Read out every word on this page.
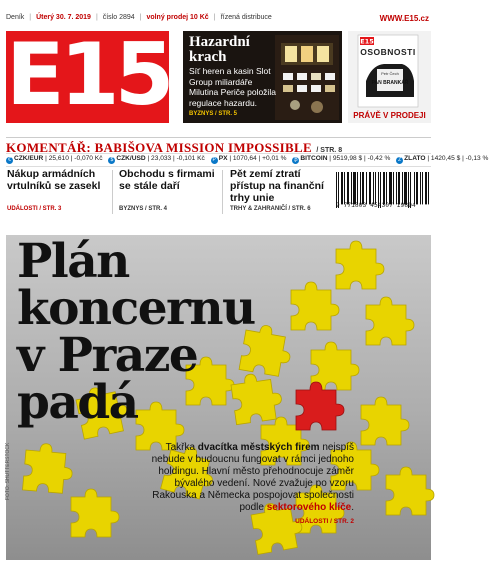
Deník | Úterý 30. 7. 2019 | číslo 2894 | volný prodej 10 Kč | řízená distribuce	WWW.E15.cz
E15 Hazardní krach
Síť heren a kasin Slot Group miliardáře Milutina Periče položila regulace hazardu.
BYZNYS / STR. 5
E15
OSOBNOSTI
Petr Čech
PAN BRANKÁŘ
PRÁVĚ V PRODEJI
KOMENTÁŘ: BABIŠOVA MISSION IMPOSSIBLE / STR. 8
€ CZK/EUR | 25,610 | -0,070 Kč $ CZK/USD | 23,033 | -0,101 Kč P PX | 1070,64 | +0,01 % ₿ BITCOIN | 9519,98 $ | -0,42 % Z ZLATO | 1420,45 $ | -0,13 %
Nákup armádních vrtulníků se zasekl
UDÁLOSTI / STR. 3
Obchodu s firmami se stále daří
BYZNYS / STR. 4
Pět zemí ztratí přístup na finanční trhy unie
TRHY & ZAHRANIČÍ / STR. 6	9 771803 454307 19894
Plán koncernu
v Praze
padá
Takřka dvacítka městských firem nejspíš nebude v budoucnu fungovat v rámci jednoho holdingu. Hlavní město přehodnocuje záměr bývalého vedení. Nové zvažuje po vzoru Rakouska a Německa pospojovat společnosti podle sektorového klíče.
UDÁLOSTI / STR. 2
FOTO: SHUTTERSTOCK
